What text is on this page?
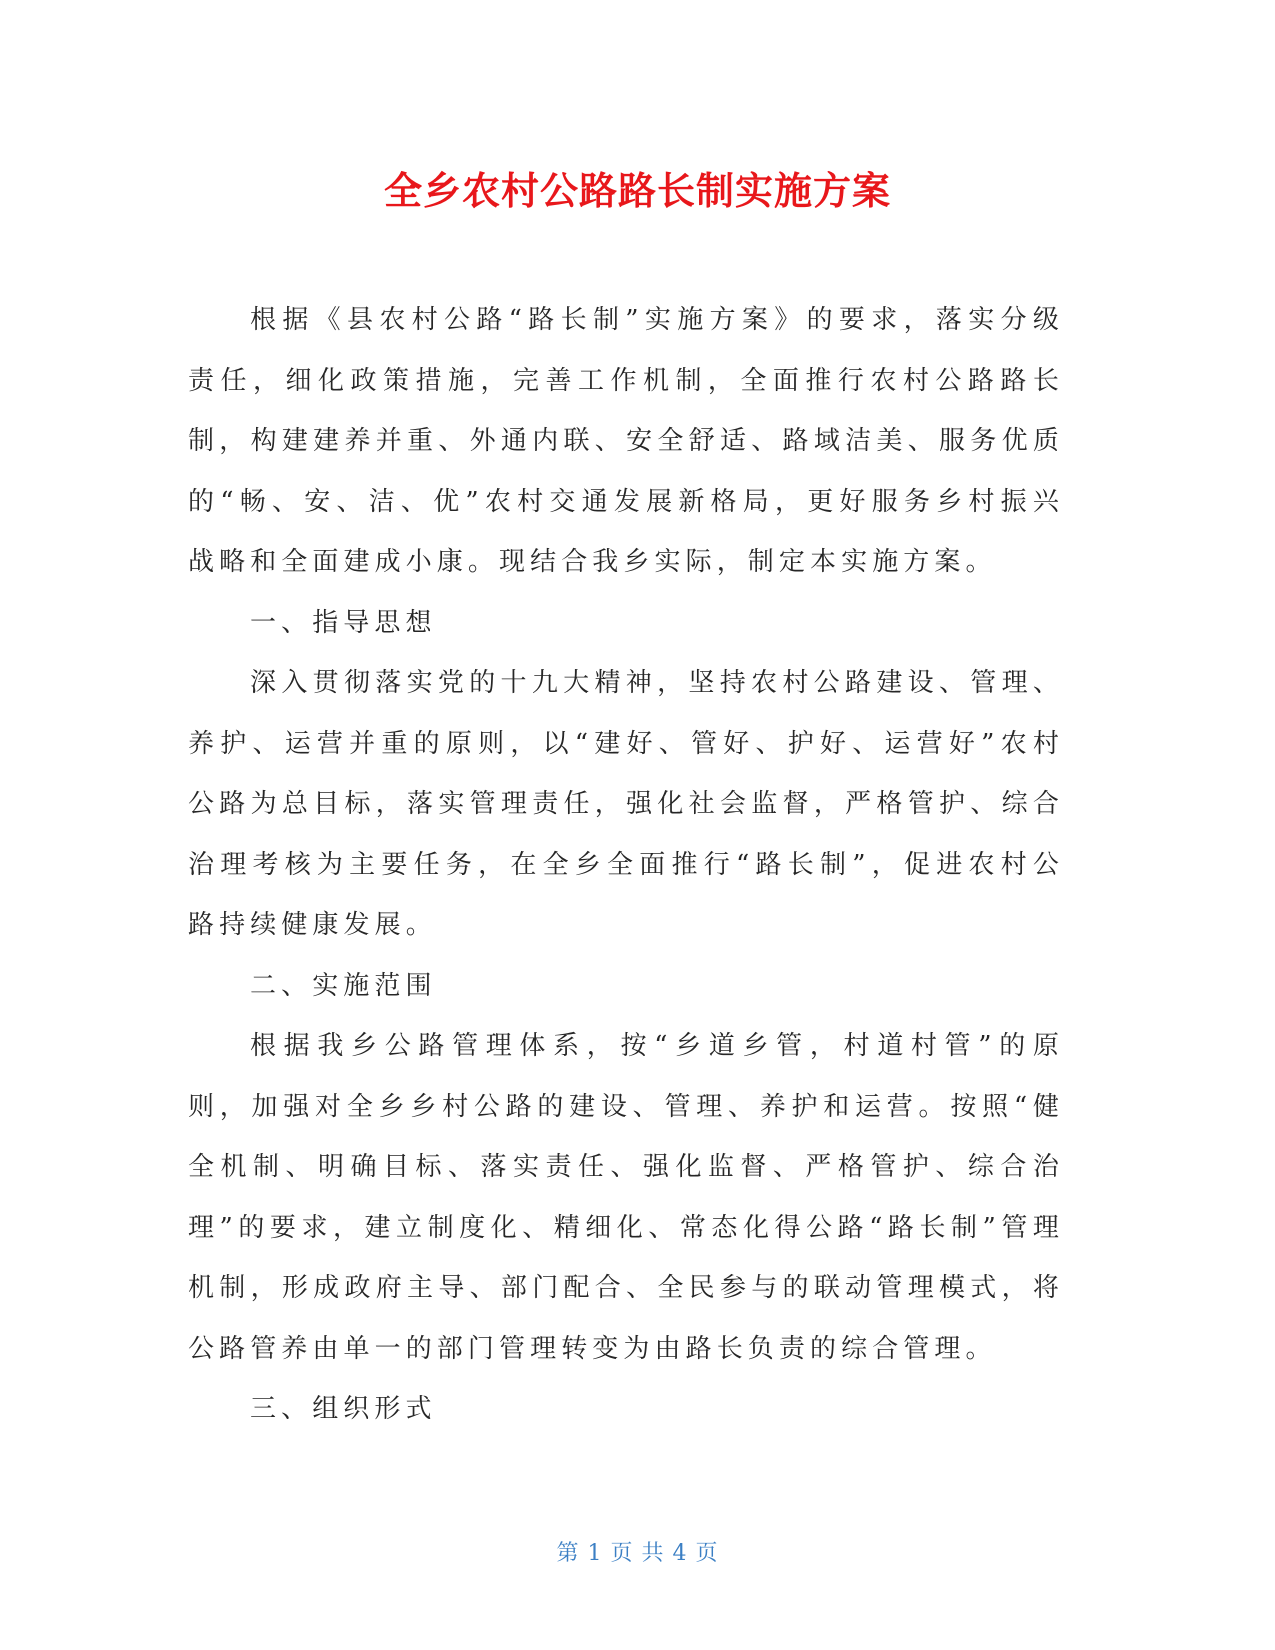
全乡农村公路路长制实施方案

根据《县农村公路“路长制”实施方案》的要求，落实分级责任，细化政策措施，完善工作机制，全面推行农村公路路长制，构建建养并重、外通内联、安全舒适、路域洁美、服务优质的“畅、安、洁、优”农村交通发展新格局，更好服务乡村振兴战略和全面建成小康。现结合我乡实际，制定本实施方案。

一、指导思想

深入贯彻落实党的十九大精神，坚持农村公路建设、管理、养护、运营并重的原则，以“建好、管好、护好、运营好”农村公路为总目标，落实管理责任，强化社会监督，严格管护、综合治理考核为主要任务，在全乡全面推行“路长制”，促进农村公路持续健康发展。

二、实施范围

根据我乡公路管理体系，按“乡道乡管，村道村管”的原则，加强对全乡乡村公路的建设、管理、养护和运营。按照“健全机制、明确目标、落实责任、强化监督、严格管护、综合治理”的要求，建立制度化、精细化、常态化得公路“路长制”管理机制，形成政府主导、部门配合、全民参与的联动管理模式，将公路管养由单一的部门管理转变为由路长负责的综合管理。

三、组织形式

第 1 页 共 4 页
